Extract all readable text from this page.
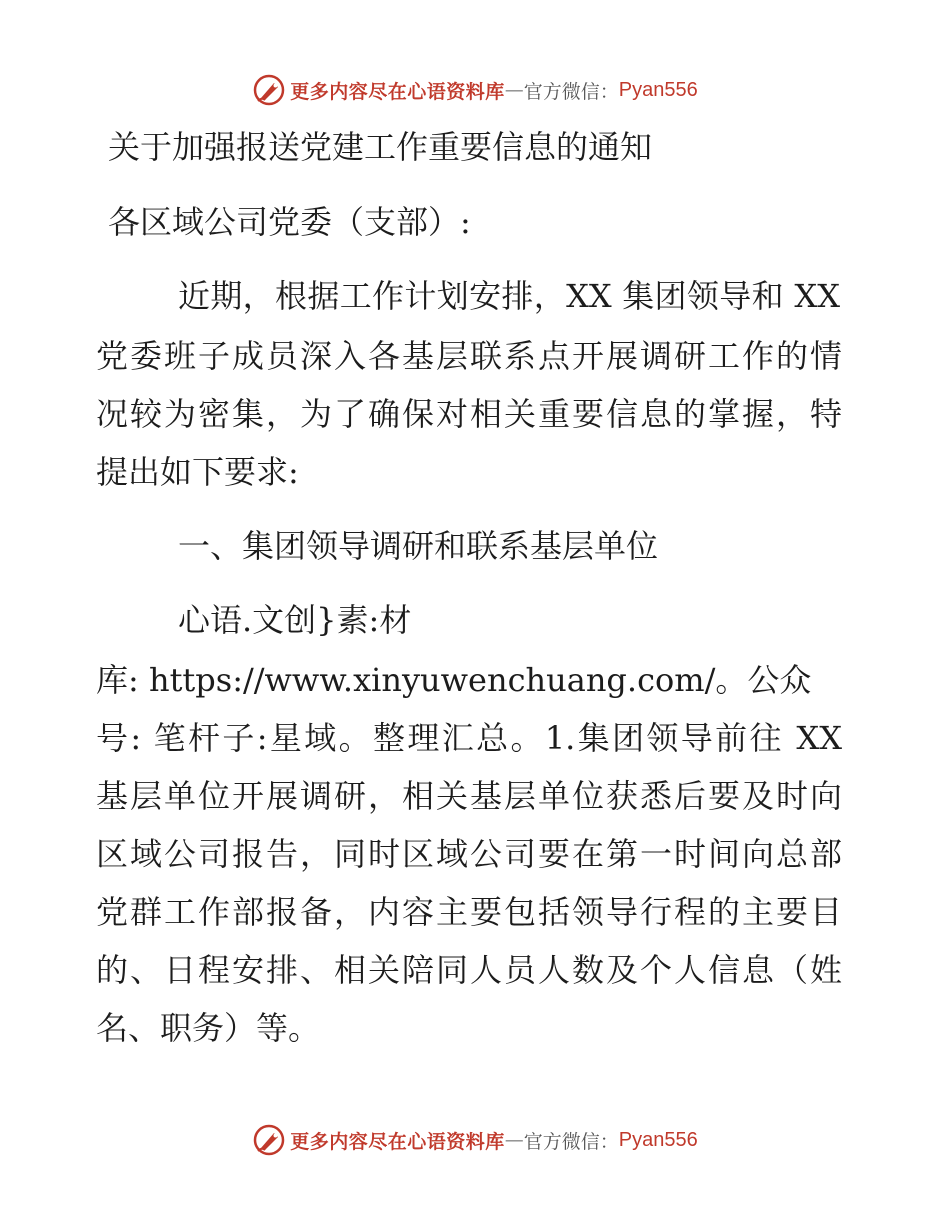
更多内容尽在心语资料库 — 官方微信： Pyan556
关于加强报送党建工作重要信息的通知
各区域公司党委（支部）:
近期，根据工作计划安排，XX 集团领导和 XX
党委班子成员深入各基层联系点开展调研工作的情
况较为密集，为了确保对相关重要信息的掌握，特
提出如下要求:
一、集团领导调研和联系基层单位
心语.文创}素:材
库: https://www.xinyuwenchuang.com/。公众
号: 笔杆子:星域。整理汇总。1.集团领导前往 XX
基层单位开展调研，相关基层单位获悉后要及时向
区域公司报告，同时区域公司要在第一时间向总部
党群工作部报备，内容主要包括领导行程的主要目
的、日程安排、相关陪同人员人数及个人信息（姓
名、职务）等。
更多内容尽在心语资料库 — 官方微信： Pyan556
